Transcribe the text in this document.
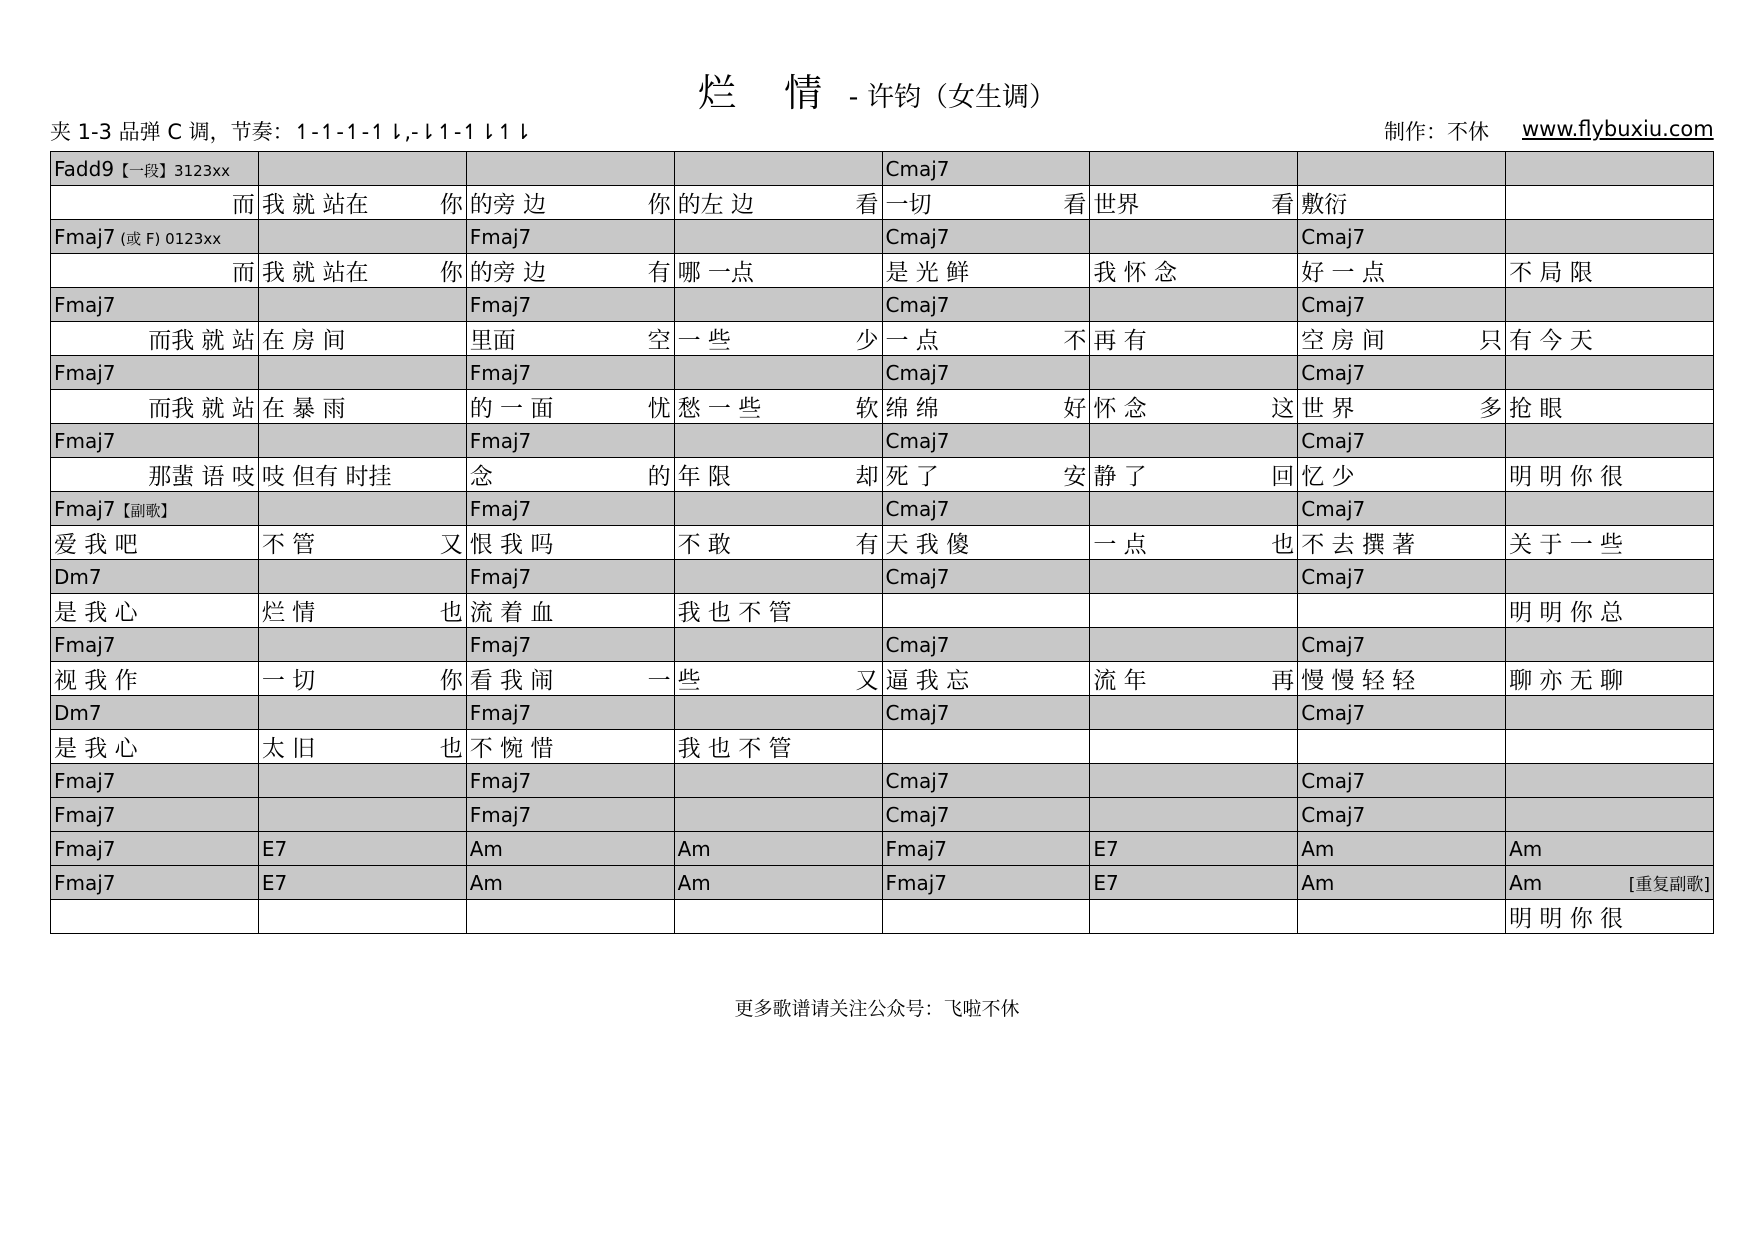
烂 情 - 许钧（女生调）
夹 1-3 品弹 C 调，节奏：↿-↿-↿-↿⇂,-⇂↿-↿⇂↿⇂	制作：不休 www.flybuxiu.com
Fadd9【一段】3123xx				Cmaj7			

而	我 就 站在 你	的旁 边 你	的左 边 看	一切 看	世界 看	敷衍	

Fmaj7 (或 F) 0123xx		Fmaj7		Cmaj7		Cmaj7	

而	我 就 站在 你	的旁 边 有	哪 一点	是 光 鲜	我 怀 念	好 一 点	不 局 限

Fmaj7		Fmaj7		Cmaj7		Cmaj7	

而我 就 站	在 房 间	里面 空	一 些 少	一 点 不	再 有	空 房 间 只	有 今 天

Fmaj7		Fmaj7		Cmaj7		Cmaj7	

而我 就 站	在 暴 雨	的 一 面 忧	愁 一 些 软	绵 绵 好	怀 念 这	世 界 多	抢 眼

Fmaj7		Fmaj7		Cmaj7		Cmaj7	

那蜚 语 吱	吱 但有 时挂	念 的	年 限 却	死 了 安	静 了 回	忆 少	明 明 你 很

Fmaj7【副歌】		Fmaj7		Cmaj7		Cmaj7	

爱 我 吧	不 管 又	恨 我 吗	不 敢 有	天 我 傻	一 点 也	不 去 撰 著	关 于 一 些

Dm7		Fmaj7		Cmaj7		Cmaj7	

是 我 心	烂 情 也	流 着 血	我 也 不 管				明 明 你 总

Fmaj7		Fmaj7		Cmaj7		Cmaj7	

视 我 作	一 切 你	看 我 闹 一	些 又	逼 我 忘	流 年 再	慢 慢 轻 轻	聊 亦 无 聊

Dm7		Fmaj7		Cmaj7		Cmaj7	

是 我 心	太 旧 也	不 惋 惜	我 也 不 管				

Fmaj7		Fmaj7		Cmaj7		Cmaj7	
Fmaj7		Fmaj7		Cmaj7		Cmaj7	
Fmaj7	E7	Am	Am	Fmaj7	E7	Am	Am
Fmaj7	E7	Am	Am	Fmaj7	E7	Am	Am [重复副歌]

							明 明 你 很
更多歌谱请关注公众号：飞啦不休
